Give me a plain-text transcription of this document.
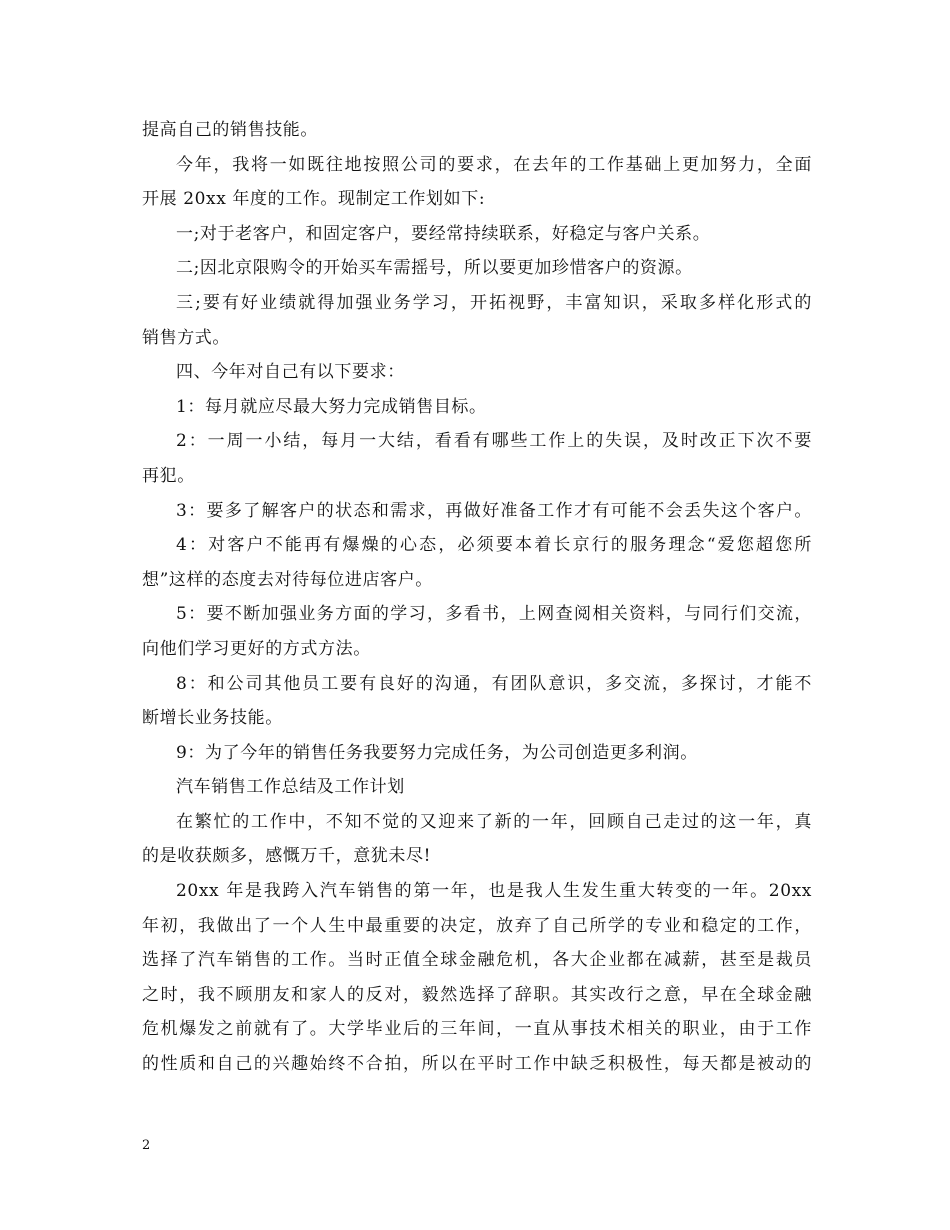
提高自己的销售技能。
今年，我将一如既往地按照公司的要求，在去年的工作基础上更加努力，全面
开展 20xx 年度的工作。现制定工作划如下:
一;对于老客户，和固定客户，要经常持续联系，好稳定与客户关系。
二;因北京限购令的开始买车需摇号，所以要更加珍惜客户的资源。
三;要有好业绩就得加强业务学习，开拓视野，丰富知识，采取多样化形式的
销售方式。
四、今年对自己有以下要求：
1：每月就应尽最大努力完成销售目标。
2：一周一小结，每月一大结，看看有哪些工作上的失误，及时改正下次不要
再犯。
3：要多了解客户的状态和需求，再做好准备工作才有可能不会丢失这个客户。
4：对客户不能再有爆燥的心态，必须要本着长京行的服务理念“爱您超您所
想”这样的态度去对待每位进店客户。
5：要不断加强业务方面的学习，多看书，上网查阅相关资料，与同行们交流，
向他们学习更好的方式方法。
8：和公司其他员工要有良好的沟通，有团队意识，多交流，多探讨，才能不
断增长业务技能。
9：为了今年的销售任务我要努力完成任务，为公司创造更多利润。
汽车销售工作总结及工作计划
在繁忙的工作中，不知不觉的又迎来了新的一年，回顾自己走过的这一年，真
的是收获颇多，感慨万千，意犹未尽!
20xx 年是我跨入汽车销售的第一年，也是我人生发生重大转变的一年。20xx
年初，我做出了一个人生中最重要的决定，放弃了自己所学的专业和稳定的工作，
选择了汽车销售的工作。当时正值全球金融危机，各大企业都在减薪，甚至是裁员
之时，我不顾朋友和家人的反对，毅然选择了辞职。其实改行之意，早在全球金融
危机爆发之前就有了。大学毕业后的三年间，一直从事技术相关的职业，由于工作
的性质和自己的兴趣始终不合拍，所以在平时工作中缺乏积极性，每天都是被动的
2
